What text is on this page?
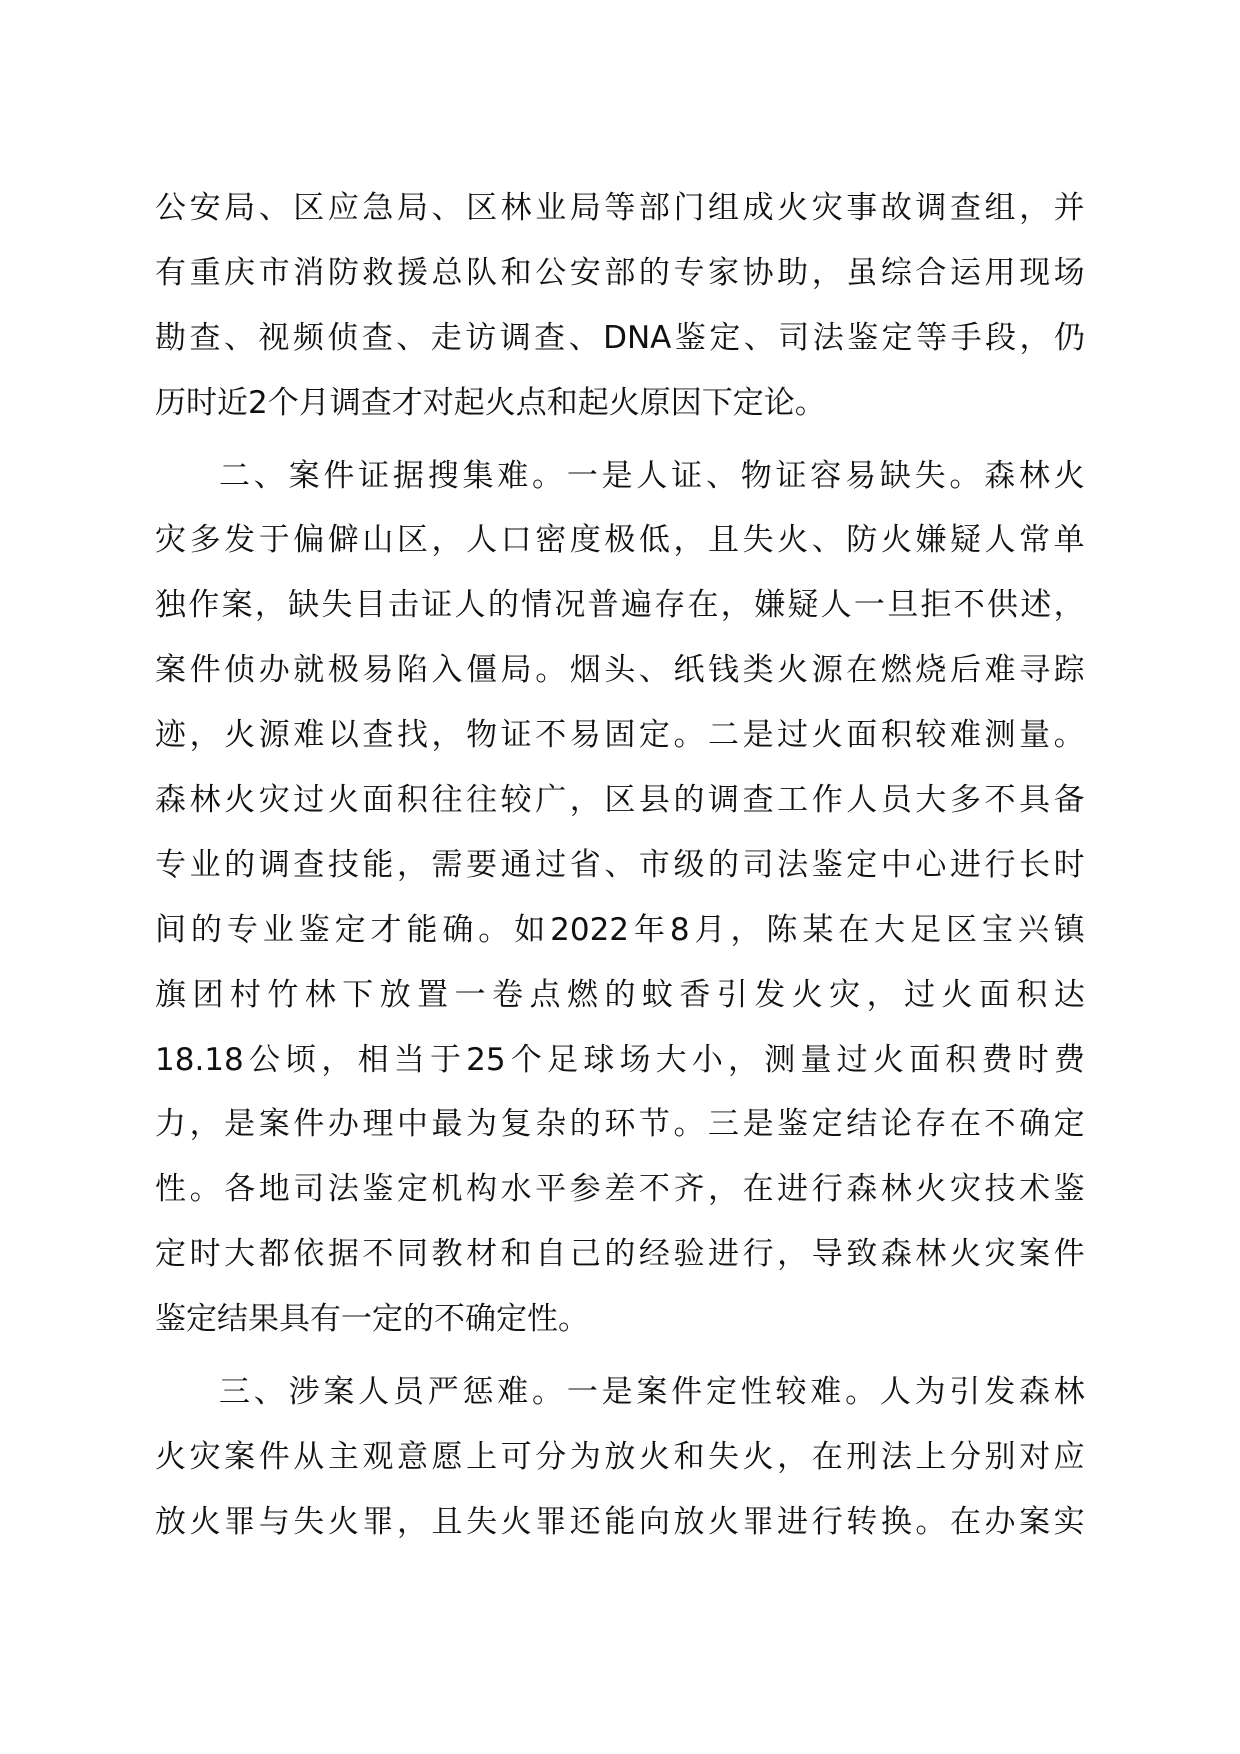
公 安 局 、 区 应 急 局 、 区 林 业 局 等 部 门 组 成 火 灾 事 故 调 查 组 ， 并
有 重 庆 市 消 防 救 援 总 队 和 公 安 部 的 专 家 协 助 ， 虽 综 合 运 用 现 场
勘 查 、 视 频 侦 查 、 走 访 调 查 、 DNA 鉴 定 、 司 法 鉴 定 等 手 段 ， 仍
历 时 近 2 个 月 调 查 才 对 起 火 点 和 起 火 原 因 下 定 论 。
二 、 案 件 证 据 搜 集 难 。 一 是 人 证 、 物 证 容 易 缺 失 。 森 林 火
灾 多 发 于 偏 僻 山 区 ， 人 口 密 度 极 低 ， 且 失 火 、 防 火 嫌 疑 人 常 单
独 作 案 ， 缺 失 目 击 证 人 的 情 况 普 遍 存 在 ， 嫌 疑 人 一 旦 拒 不 供 述 ，
案 件 侦 办 就 极 易 陷 入 僵 局 。 烟 头 、 纸 钱 类 火 源 在 燃 烧 后 难 寻 踪
迹 ， 火 源 难 以 查 找 ， 物 证 不 易 固 定 。 二 是 过 火 面 积 较 难 测 量 。
森 林 火 灾 过 火 面 积 往 往 较 广 ， 区 县 的 调 查 工 作 人 员 大 多 不 具 备
专 业 的 调 查 技 能 ， 需 要 通 过 省 、 市 级 的 司 法 鉴 定 中 心 进 行 长 时
间 的 专 业 鉴 定 才 能 确 。 如 2022 年 8 月 ， 陈 某 在 大 足 区 宝 兴 镇
旗 团 村 竹 林 下 放 置 一 卷 点 燃 的 蚊 香 引 发 火 灾 ， 过 火 面 积 达
18.18 公 顷 ， 相 当 于 25 个 足 球 场 大 小 ， 测 量 过 火 面 积 费 时 费
力 ， 是 案 件 办 理 中 最 为 复 杂 的 环 节 。 三 是 鉴 定 结 论 存 在 不 确 定
性 。 各 地 司 法 鉴 定 机 构 水 平 参 差 不 齐 ， 在 进 行 森 林 火 灾 技 术 鉴
定 时 大 都 依 据 不 同 教 材 和 自 己 的 经 验 进 行 ， 导 致 森 林 火 灾 案 件
鉴 定 结 果 具 有 一 定 的 不 确 定 性 。
三 、 涉 案 人 员 严 惩 难 。 一 是 案 件 定 性 较 难 。 人 为 引 发 森 林
火 灾 案 件 从 主 观 意 愿 上 可 分 为 放 火 和 失 火 ， 在 刑 法 上 分 别 对 应
放 火 罪 与 失 火 罪 ， 且 失 火 罪 还 能 向 放 火 罪 进 行 转 换 。 在 办 案 实
